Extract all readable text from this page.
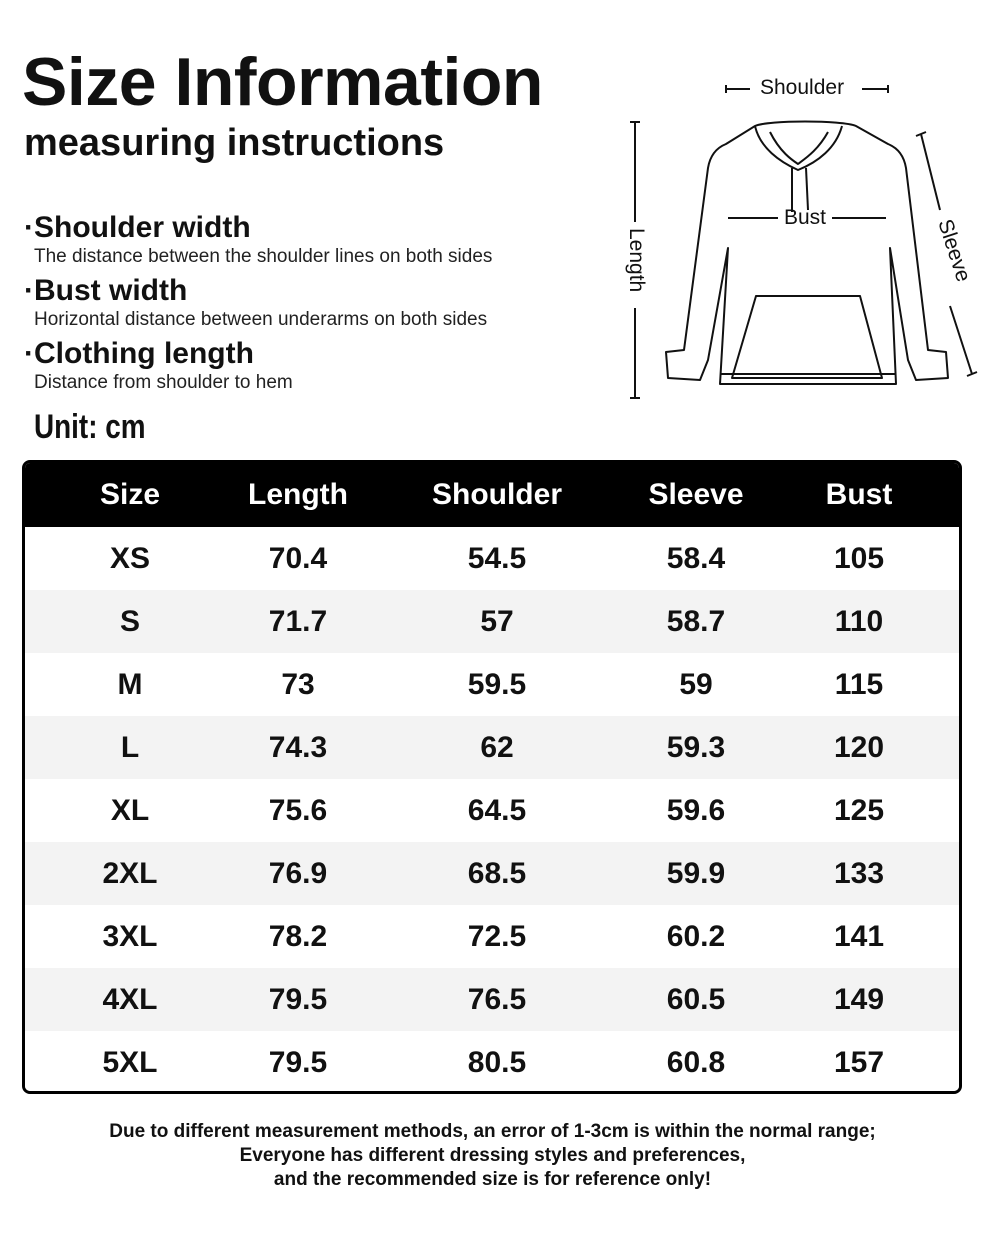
Size Information
measuring instructions
·Shoulder width
The distance between the shoulder lines on both sides
·Bust width
Horizontal distance between underarms on both sides
·Clothing length
Distance from shoulder to hem
Unit: cm
Shoulder
Bust
Length	Sleeve
Size	Length	Shoulder	Sleeve	Bust
XS	70.4	54.5	58.4	105
S	71.7	57	58.7	110
M	73	59.5	59	115
L	74.3	62	59.3	120
XL	75.6	64.5	59.6	125
2XL	76.9	68.5	59.9	133
3XL	78.2	72.5	60.2	141
4XL	79.5	76.5	60.5	149
5XL	79.5	80.5	60.8	157
Due to different measurement methods, an error of 1-3cm is within the normal range;
Everyone has different dressing styles and preferences,
and the recommended size is for reference only!
